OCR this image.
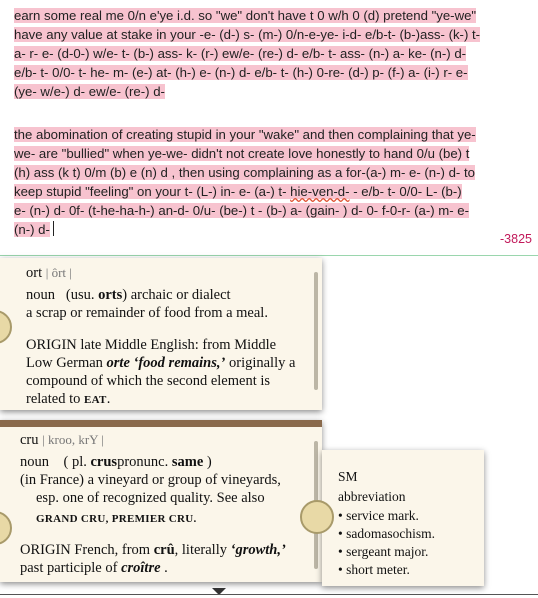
earn some real me 0/n e'ye i.d. so "we" don't have t 0 w/h 0 (d) pretend "ye-we"
have any value at stake in your -e- (d-) s- (m-) 0/n-e-ye- i-d- e/b-t- (b-)ass- (k-) t-
a- r- e- (d-0-) w/e- t- (b-) ass- k- (r-) ew/e- (re-) d- e/b- t- ass- (n-) a- ke- (n-) d-
e/b- t- 0/0- t- he- m- (e-) at- (h-) e- (n-) d- e/b- t- (h-) 0-re- (d-) p- (f-) a- (i-) r- e-
(ye- w/e-) d- ew/e- (re-) d-
the abomination of creating stupid in your "wake" and then complaining that ye-
we- are "bullied" when ye-we- didn't not create love honestly to hand 0/u (be) t
(h) ass (k t) 0/m (b) e (n) d , then using complaining as a for-(a-) m- e- (n-) d- to
keep stupid "feeling" on your t- (L-) in- e- (a-) t- hie-ven-d- - e/b- t- 0/0- L- (b-)
e- (n-) d- 0f- (t-he-ha-h-) an-d- 0/u- (be-) t - (b-) a- (gain- ) d- 0- f-0-r- (a-) m- e-
(n-) d-
-3825
ort | ôrt |
noun (usu. orts) archaic or dialect
a scrap or remainder of food from a meal.
ORIGIN late Middle English: from Middle
Low German orte ‘food remains,’ originally a
compound of which the second element is
related to EAT.
cru | kroo, krY |
noun ( pl. cruspronunc. same )
(in France) a vineyard or group of vineyards,
esp. one of recognized quality. See also
GRAND CRU, PREMIER CRU.
ORIGIN French, from crû, literally ‘growth,’
past participle of croître .
SM
abbreviation
• service mark.
• sadomasochism.
• sergeant major.
• short meter.
